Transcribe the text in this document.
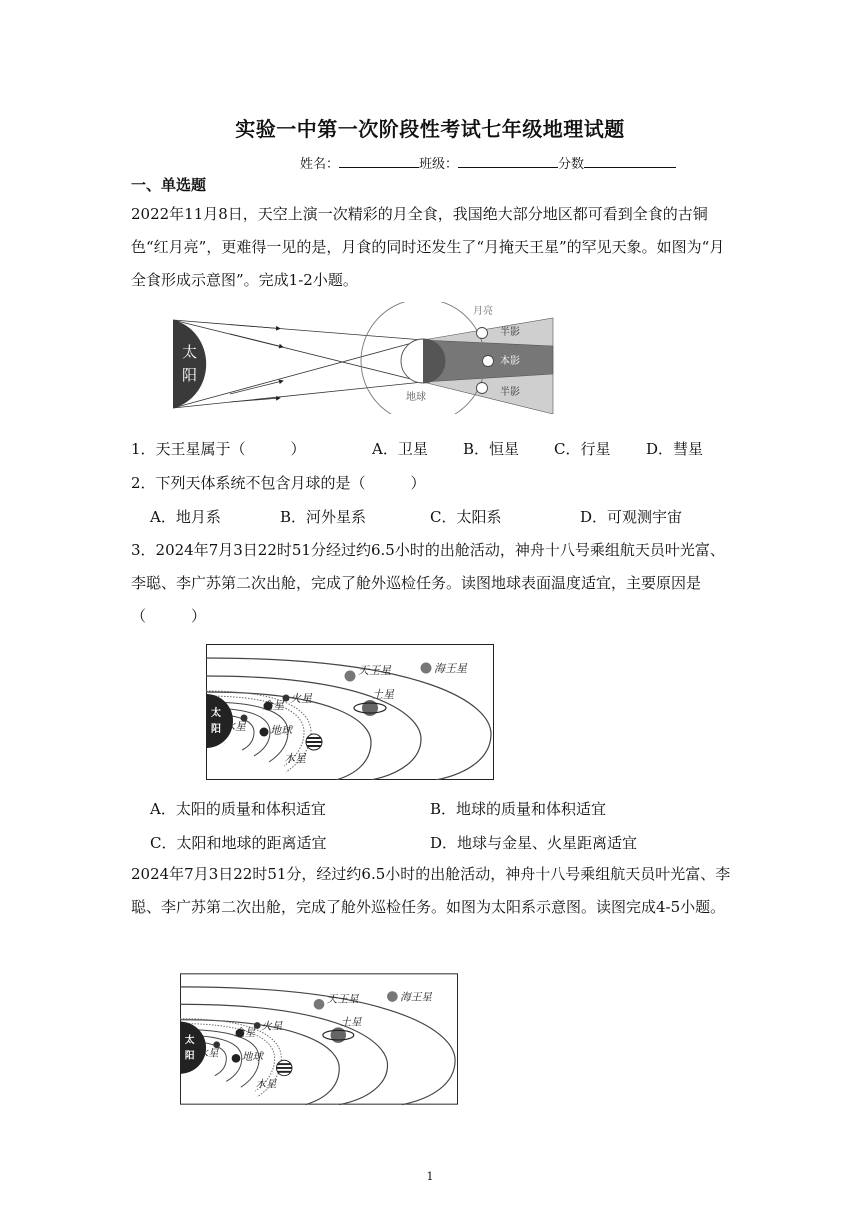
实验一中第一次阶段性考试七年级地理试题
姓名：	班级：	分数
一、单选题
2022年11月8日，天空上演一次精彩的月全食，我国绝大部分地区都可看到全食的古铜色“红月亮”，更难得一见的是，月食的同时还发生了“月掩天王星”的罕见天象。如图为“月全食形成示意图”。完成1-2小题。
太
阳
月亮
半影
本影
半影
地球
1．天王星属于（　　　）	A．卫星 B．恒星 C．行星 D．彗星
2．下列天体系统不包含月球的是（　　　）
A．地月系	B．河外星系	C．太阳系	D．可观测宇宙
3．2024年7月3日22时51分经过约6.5小时的出舱活动，神舟十八号乘组航天员叶光富、李聪、李广苏第二次出舱，完成了舱外巡检任务。读图地球表面温度适宜，主要原因是（　　　）
太
阳 水星
金星
火星
地球
木星
土星
天王星	海王星
A．太阳的质量和体积适宜	B．地球的质量和体积适宜
C．太阳和地球的距离适宜	D．地球与金星、火星距离适宜
2024年7月3日22时51分，经过约6.5小时的出舱活动，神舟十八号乘组航天员叶光富、李聪、李广苏第二次出舱，完成了舱外巡检任务。如图为太阳系示意图。读图完成4-5小题。
太
阳 水星
金星
火星
地球
木星
土星
天王星	海王星
1
